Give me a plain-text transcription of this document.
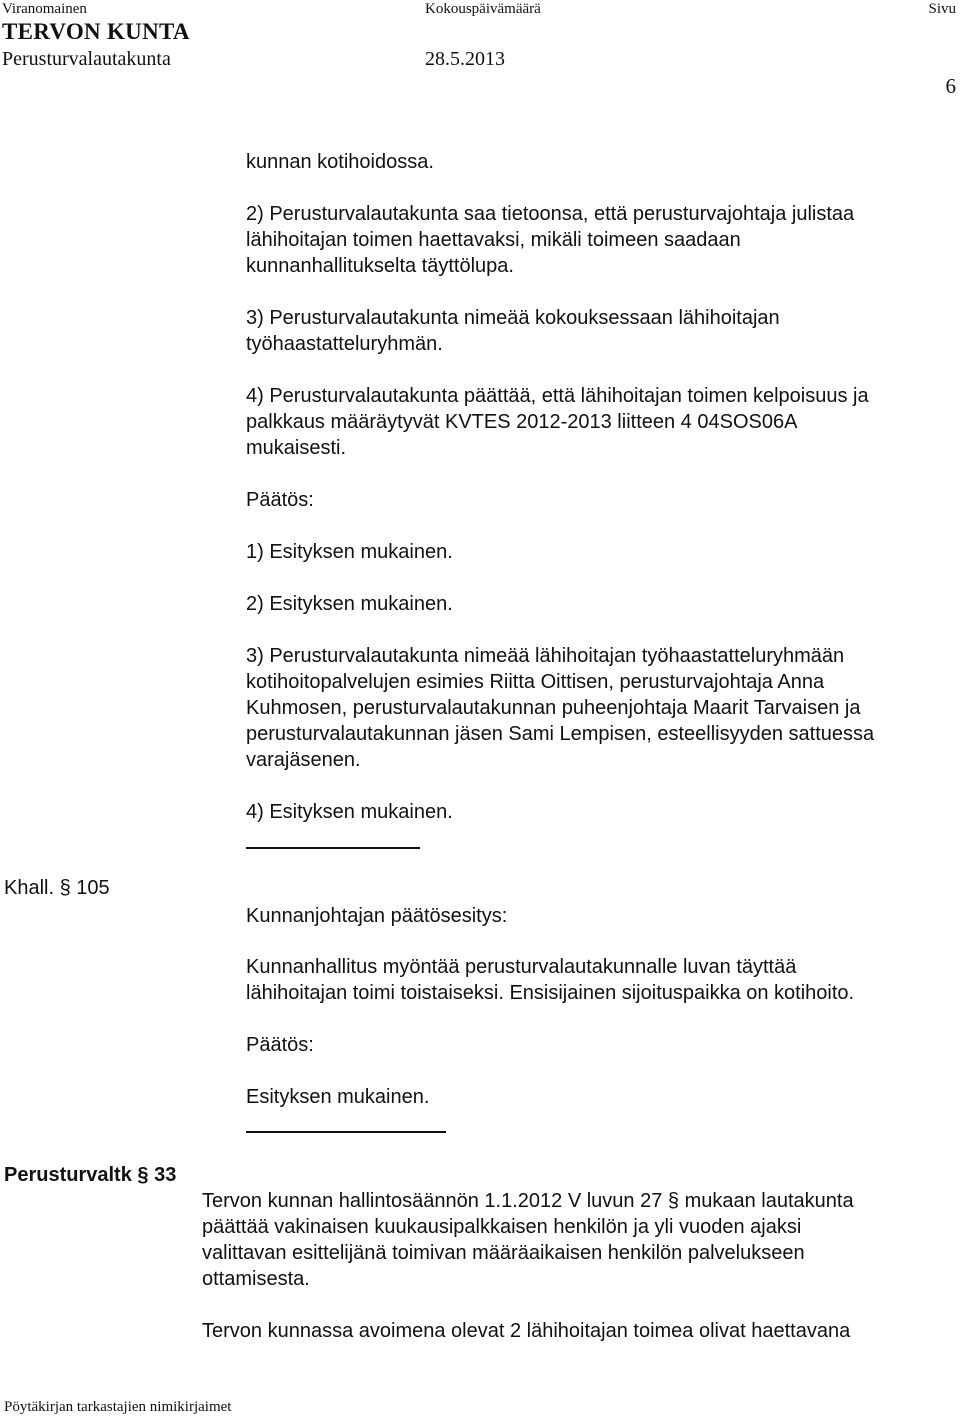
Viranomainen	Kokouspäivämäärä	Sivu
TERVON KUNTA
Perusturvalautakunta	28.5.2013
6
kunnan kotihoidossa.
2) Perusturvalautakunta saa tietoonsa, että perusturvajohtaja julistaa
lähihoitajan toimen haettavaksi, mikäli toimeen saadaan
kunnanhallitukselta täyttölupa.
3) Perusturvalautakunta nimeää kokouksessaan lähihoitajan
työhaastatteluryhmän.
4) Perusturvalautakunta päättää, että lähihoitajan toimen kelpoisuus ja
palkkaus määräytyvät KVTES 2012-2013 liitteen 4 04SOS06A
mukaisesti.
Päätös:
1) Esityksen mukainen.
2) Esityksen mukainen.
3) Perusturvalautakunta nimeää lähihoitajan työhaastatteluryhmään
kotihoitopalvelujen esimies Riitta Oittisen, perusturvajohtaja Anna
Kuhmosen, perusturvalautakunnan puheenjohtaja Maarit Tarvaisen ja
perusturvalautakunnan jäsen Sami Lempisen, esteellisyyden sattuessa
varajäsenen.
4) Esityksen mukainen.
Khall. § 105
Kunnanjohtajan päätösesitys:
Kunnanhallitus myöntää perusturvalautakunnalle luvan täyttää
lähihoitajan toimi toistaiseksi. Ensisijainen sijoituspaikka on kotihoito.
Päätös:
Esityksen mukainen.
Perusturvaltk § 33
Tervon kunnan hallintosäännön 1.1.2012 V luvun 27 § mukaan lautakunta
päättää vakinaisen kuukausipalkkaisen henkilön ja yli vuoden ajaksi
valittavan esittelijänä toimivan määräaikaisen henkilön palvelukseen
ottamisesta.
Tervon kunnassa avoimena olevat 2 lähihoitajan toimea olivat haettavana
Pöytäkirjan tarkastajien nimikirjaimet
